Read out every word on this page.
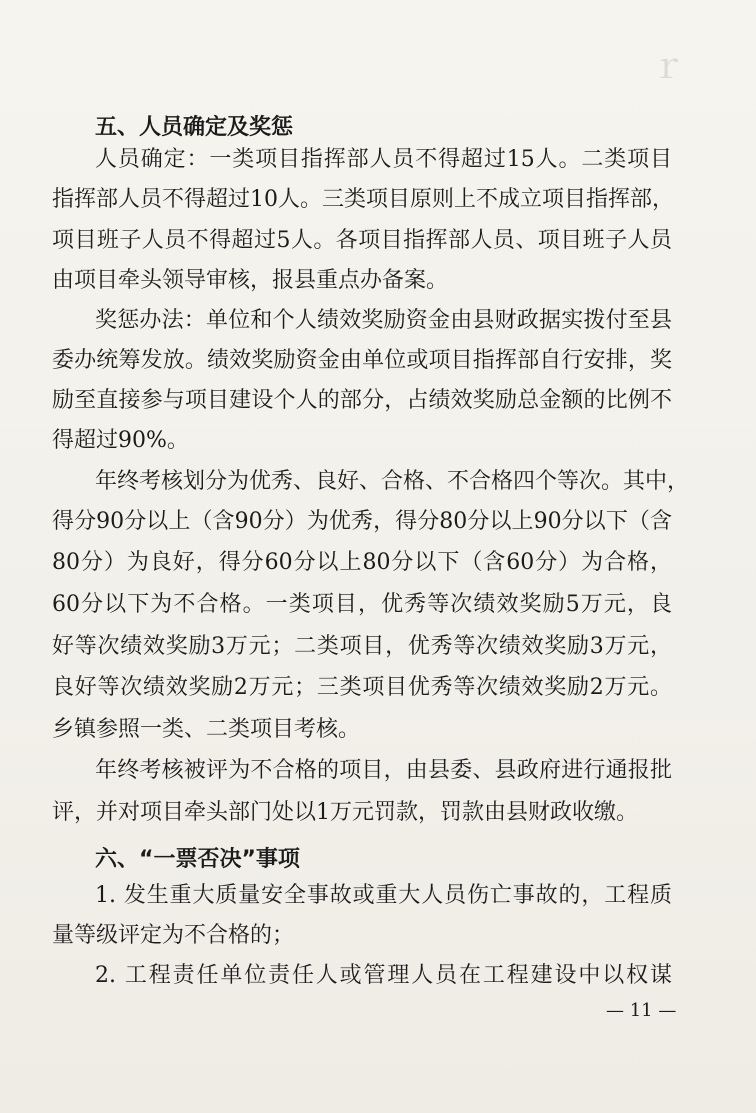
ｒ
五、人员确定及奖惩
人员确定：一类项目指挥部人员不得超过15人。二类项目
指挥部人员不得超过10人。三类项目原则上不成立项目指挥部，
项目班子人员不得超过5人。各项目指挥部人员、项目班子人员
由项目牵头领导审核，报县重点办备案。
奖惩办法：单位和个人绩效奖励资金由县财政据实拨付至县
委办统筹发放。绩效奖励资金由单位或项目指挥部自行安排，奖
励至直接参与项目建设个人的部分，占绩效奖励总金额的比例不
得超过90%。
年终考核划分为优秀、良好、合格、不合格四个等次。其中，
得分90分以上（含90分）为优秀，得分80分以上90分以下（含
80分）为良好，得分60分以上80分以下（含60分）为合格，
60分以下为不合格。一类项目，优秀等次绩效奖励5万元，良
好等次绩效奖励3万元；二类项目，优秀等次绩效奖励3万元，
良好等次绩效奖励2万元；三类项目优秀等次绩效奖励2万元。
乡镇参照一类、二类项目考核。
年终考核被评为不合格的项目，由县委、县政府进行通报批
评，并对项目牵头部门处以1万元罚款，罚款由县财政收缴。
六、“一票否决”事项
1. 发生重大质量安全事故或重大人员伤亡事故的，工程质
量等级评定为不合格的；
2. 工程责任单位责任人或管理人员在工程建设中以权谋
— 11 —
